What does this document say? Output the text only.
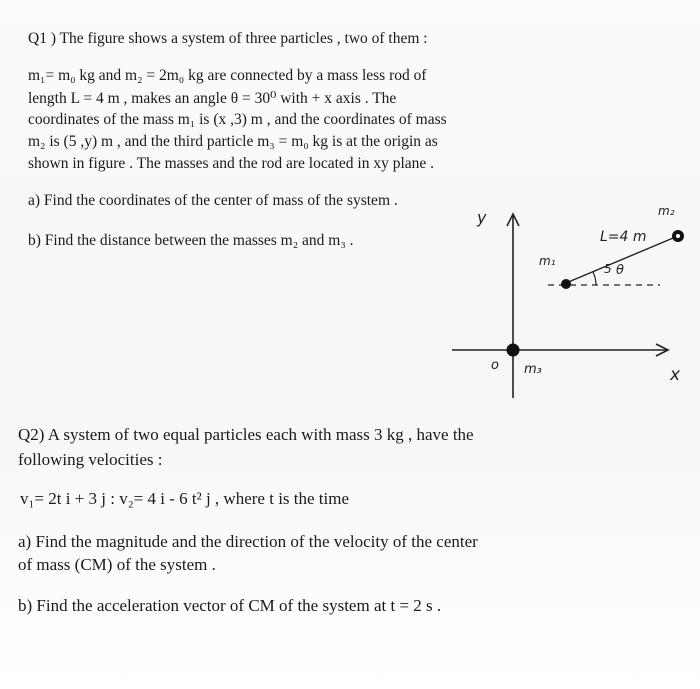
Q1 ) The figure shows a system of three particles , two of them :
m₁= m₀ kg and m₂ = 2m₀ kg are connected by a mass less rod of
length L = 4 m , makes an angle θ = 30⁰ with + x axis . The
coordinates of the mass m₁ is (x ,3) m , and the coordinates of mass
m₂ is (5 ,y) m , and the third particle m₃ = m₀ kg is at the origin as
shown in figure . The masses and the rod are located in xy plane .
a) Find the coordinates of the center of mass of the system .
b) Find the distance between the masses m₂ and m₃ .
y	m₂
L=4 m
m₁
5 θ
o m₃	x
Q2) A system of two equal particles each with mass 3 kg , have the
following velocities :
v₁= 2t i + 3 j : v₂= 4 i - 6 t² j , where t is the time
a) Find the magnitude and the direction of the velocity of the center
of mass (CM) of the system .
b) Find the acceleration vector of CM of the system at t = 2 s .
